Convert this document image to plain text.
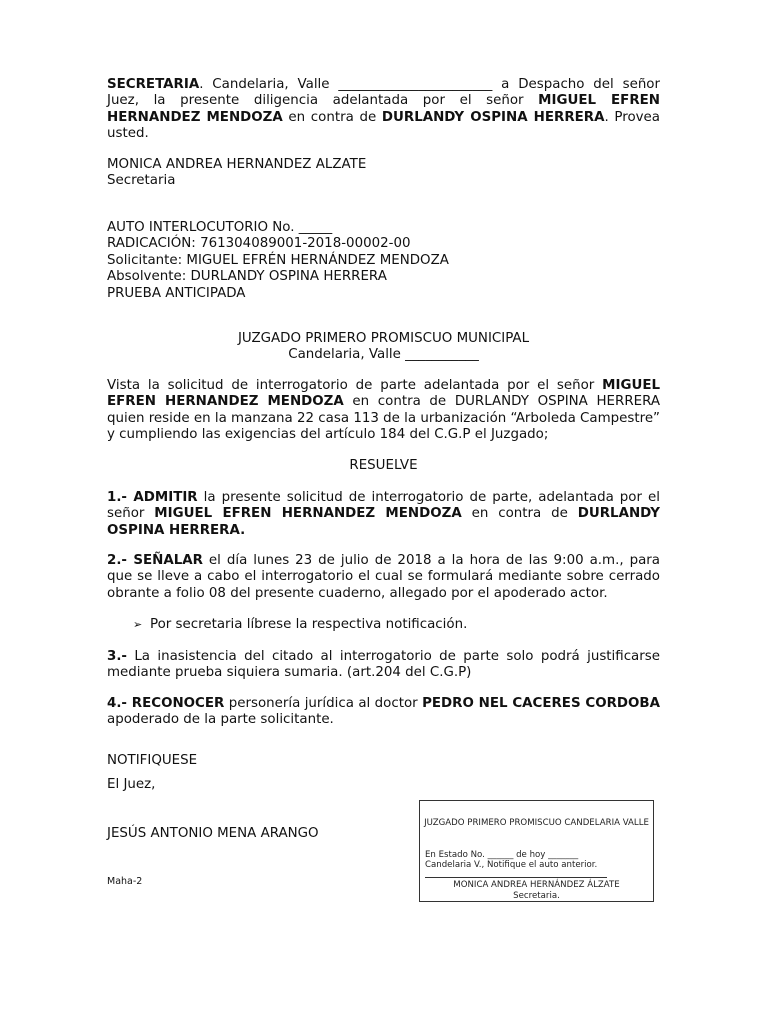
SECRETARIA. Candelaria, Valle _______________________ a Despacho del señor Juez, la presente diligencia adelantada por el señor MIGUEL EFREN HERNANDEZ MENDOZA en contra de DURLANDY OSPINA HERRERA. Provea usted.

MONICA ANDREA HERNANDEZ ALZATE
Secretaria

AUTO INTERLOCUTORIO No. _____
RADICACIÓN: 761304089001-2018-00002-00
Solicitante: MIGUEL EFRÉN HERNÁNDEZ MENDOZA
Absolvente: DURLANDY OSPINA HERRERA
PRUEBA ANTICIPADA

JUZGADO PRIMERO PROMISCUO MUNICIPAL
Candelaria, Valle ___________

Vista la solicitud de interrogatorio de parte adelantada por el señor MIGUEL EFREN HERNANDEZ MENDOZA en contra de DURLANDY OSPINA HERRERA quien reside en la manzana 22 casa 113 de la urbanización “Arboleda Campestre” y cumpliendo las exigencias del artículo 184 del C.G.P el Juzgado;

RESUELVE

1.- ADMITIR la presente solicitud de interrogatorio de parte, adelantada por el señor MIGUEL EFREN HERNANDEZ MENDOZA en contra de DURLANDY OSPINA HERRERA.

2.- SEÑALAR el día lunes 23 de julio de 2018 a la hora de las 9:00 a.m., para que se lleve a cabo el interrogatorio el cual se formulará mediante sobre cerrado obrante a folio 08 del presente cuaderno, allegado por el apoderado actor.

➢ Por secretaria líbrese la respectiva notificación.

3.- La inasistencia del citado al interrogatorio de parte solo podrá justificarse mediante prueba siquiera sumaria. (art.204 del C.G.P)

4.- RECONOCER personería jurídica al doctor PEDRO NEL CACERES CORDOBA apoderado de la parte solicitante.

NOTIFIQUESE

El Juez,

JESÚS ANTONIO MENA ARANGO

Maha-2
JUZGADO PRIMERO PROMISCUO CANDELARIA VALLE
En Estado No. ______ de hoy _______
Candelaria V., Notifique el auto anterior.
MONICA ANDREA HERNÁNDEZ ÁLZATE
Secretaria.
